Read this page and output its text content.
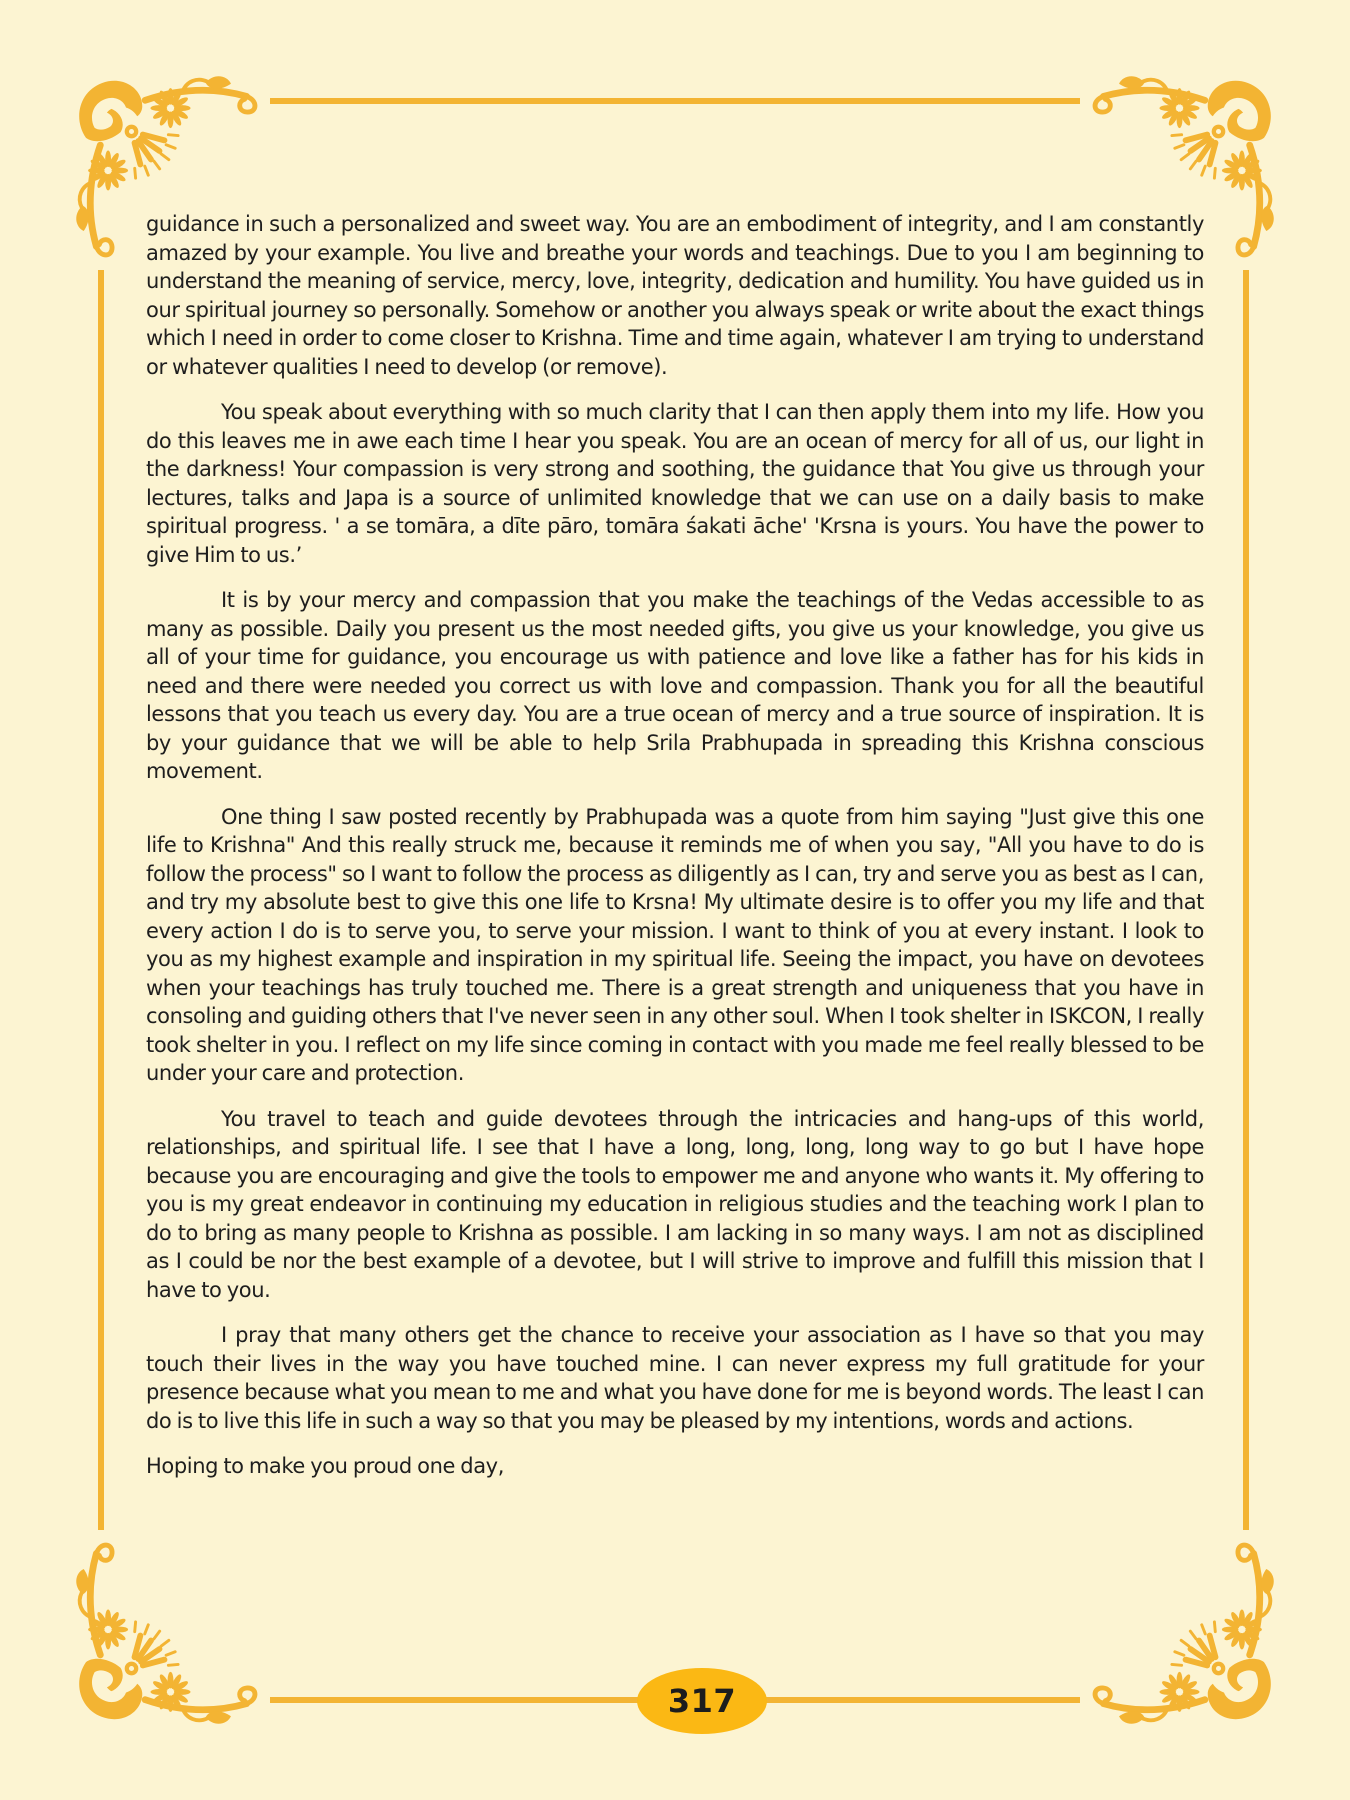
guidance in such a personalized and sweet way. You are an embodiment of integrity, and I am constantly amazed by your example. You live and breathe your words and teachings. Due to you I am beginning to understand the meaning of service, mercy, love, integrity, dedication and humility. You have guided us in our spiritual journey so personally. Somehow or another you always speak or write about the exact things which I need in order to come closer to Krishna. Time and time again, whatever I am trying to understand or whatever qualities I need to develop (or remove).

You speak about everything with so much clarity that I can then apply them into my life. How you do this leaves me in awe each time I hear you speak. You are an ocean of mercy for all of us, our light in the darkness! Your compassion is very strong and soothing, the guidance that You give us through your lectures, talks and Japa is a source of unlimited knowledge that we can use on a daily basis to make spiritual progress. ' a se tomāra, a dīte pāro, tomāra śakati āche' 'Krsna is yours. You have the power to give Him to us.’

It is by your mercy and compassion that you make the teachings of the Vedas accessible to as many as possible. Daily you present us the most needed gifts, you give us your knowledge, you give us all of your time for guidance, you encourage us with patience and love like a father has for his kids in need and there were needed you correct us with love and compassion. Thank you for all the beautiful lessons that you teach us every day. You are a true ocean of mercy and a true source of inspiration. It is by your guidance that we will be able to help Srila Prabhupada in spreading this Krishna conscious movement.

One thing I saw posted recently by Prabhupada was a quote from him saying "Just give this one life to Krishna" And this really struck me, because it reminds me of when you say, "All you have to do is follow the process" so I want to follow the process as diligently as I can, try and serve you as best as I can, and try my absolute best to give this one life to Krsna! My ultimate desire is to offer you my life and that every action I do is to serve you, to serve your mission. I want to think of you at every instant. I look to you as my highest example and inspiration in my spiritual life. Seeing the impact, you have on devotees when your teachings has truly touched me. There is a great strength and uniqueness that you have in consoling and guiding others that I've never seen in any other soul. When I took shelter in ISKCON, I really took shelter in you. I reflect on my life since coming in contact with you made me feel really blessed to be under your care and protection.

You travel to teach and guide devotees through the intricacies and hang-ups of this world, relationships, and spiritual life. I see that I have a long, long, long, long way to go but I have hope because you are encouraging and give the tools to empower me and anyone who wants it. My offering to you is my great endeavor in continuing my education in religious studies and the teaching work I plan to do to bring as many people to Krishna as possible. I am lacking in so many ways. I am not as disciplined as I could be nor the best example of a devotee, but I will strive to improve and fulfill this mission that I have to you.

I pray that many others get the chance to receive your association as I have so that you may touch their lives in the way you have touched mine. I can never express my full gratitude for your presence because what you mean to me and what you have done for me is beyond words. The least I can do is to live this life in such a way so that you may be pleased by my intentions, words and actions.

Hoping to make you proud one day,

317
